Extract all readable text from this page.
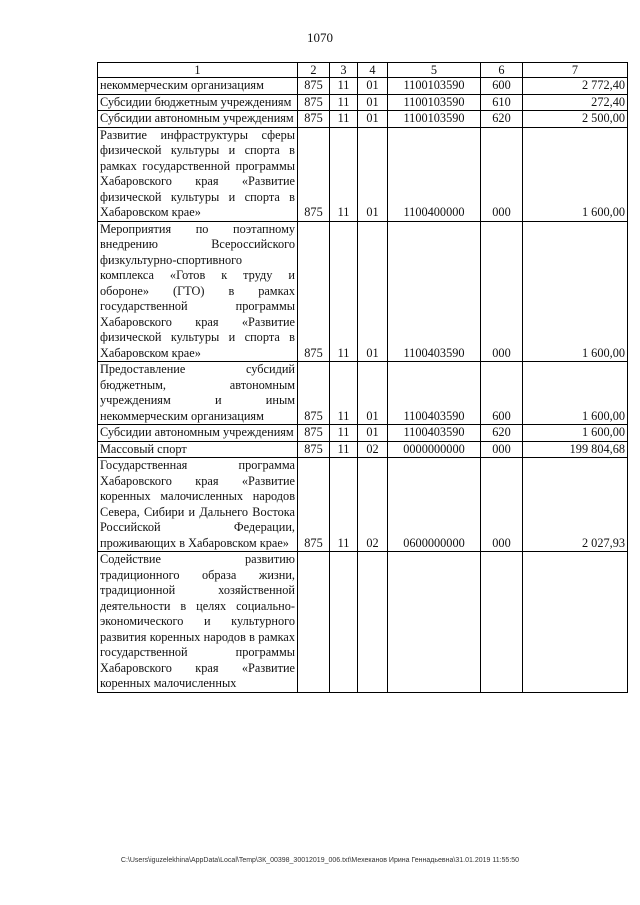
1070
1	2	3	4	5	6	7
некоммерческим организациям	875	11	01	1100103590	600	2 772,40
Субсидии бюджетным учреждениям	875	11	01	1100103590	610	272,40
Субсидии автономным учреждениям	875	11	01	1100103590	620	2 500,00
Развитие инфраструктуры сферы физической культуры и спорта в рамках государственной программы Хабаровского края «Развитие физической культуры и спорта в Хабаровском крае»	875	11	01	1100400000	000	1 600,00
Мероприятия по поэтапному внедрению Всероссийского физкультурно-спортивного комплекса «Готов к труду и обороне» (ГТО) в рамках государственной программы Хабаровского края «Развитие физической культуры и спорта в Хабаровском крае»	875	11	01	1100403590	000	1 600,00
Предоставление субсидий бюджетным, автономным учреждениям и иным некоммерческим организациям	875	11	01	1100403590	600	1 600,00
Субсидии автономным учреждениям	875	11	01	1100403590	620	1 600,00
Массовый спорт	875	11	02	0000000000	000	199 804,68
Государственная программа Хабаровского края «Развитие коренных малочисленных народов Севера, Сибири и Дальнего Востока Российской Федерации, проживающих в Хабаровском крае»	875	11	02	0600000000	000	2 027,93
Содействие развитию традиционного образа жизни, традиционной хозяйственной деятельности в целях социально-экономического и культурного развития коренных народов в рамках государственной программы Хабаровского края «Развитие коренных малочисленных						
C:\Users\iguzelekhina\AppData\Local\Temp\ЗК_00398_30012019_006.txt\Мехеканов Ирина Геннадьевна\31.01.2019 11:55:50
